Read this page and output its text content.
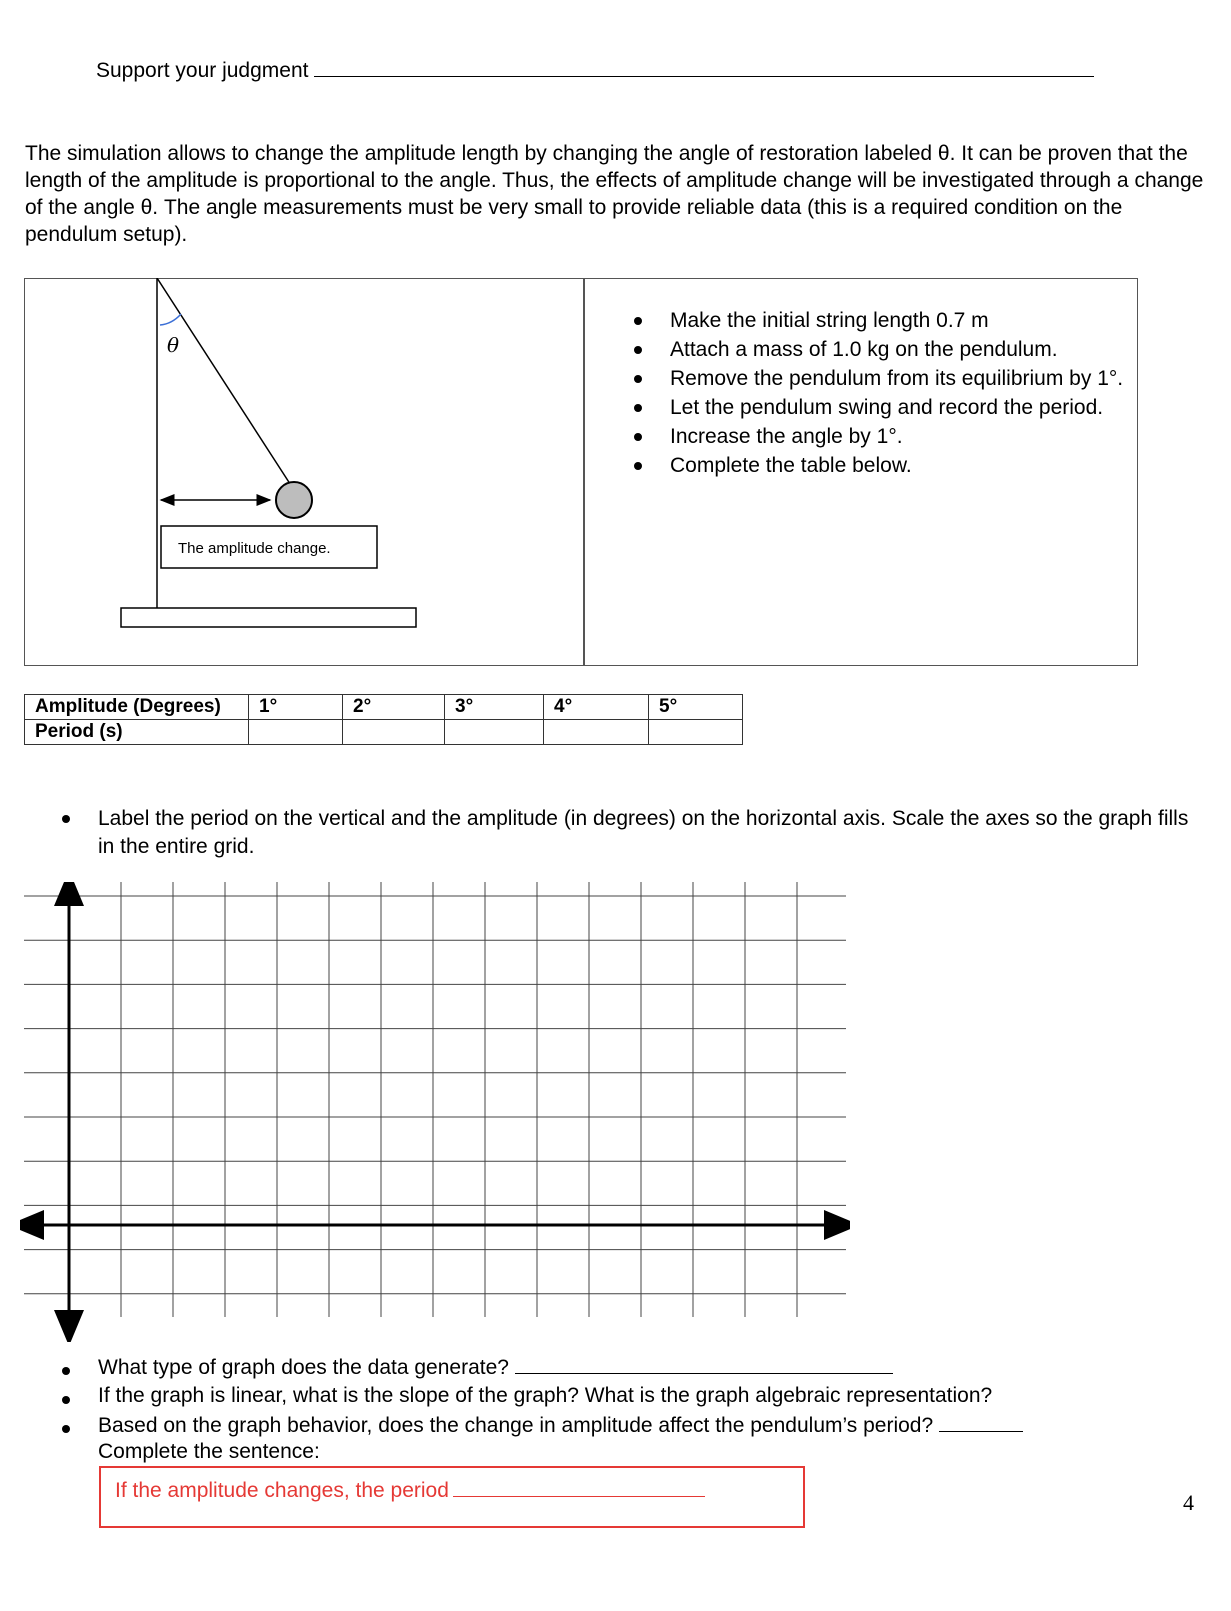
Support your judgment

The simulation allows to change the amplitude length by changing the angle of restoration labeled θ. It can be proven that the length of the amplitude is proportional to the angle. Thus, the effects of amplitude change will be investigated through a change of the angle θ. The angle measurements must be very small to provide reliable data (this is a required condition on the pendulum setup).

θ
The amplitude change.
Make the initial string length 0.7 m
Attach a mass of 1.0 kg on the pendulum.
Remove the pendulum from its equilibrium by 1°.
Let the pendulum swing and record the period.
Increase the angle by 1°.
Complete the table below.
Amplitude (Degrees)	1°	2°	3°	4°	5°
Period (s)					

Label the period on the vertical and the amplitude (in degrees) on the horizontal axis. Scale the axes so the graph fills in the entire grid.

What type of graph does the data generate?
If the graph is linear, what is the slope of the graph? What is the graph algebraic representation?
Based on the graph behavior, does the change in amplitude affect the pendulum’s period?
Complete the sentence:
If the amplitude changes, the period	4
